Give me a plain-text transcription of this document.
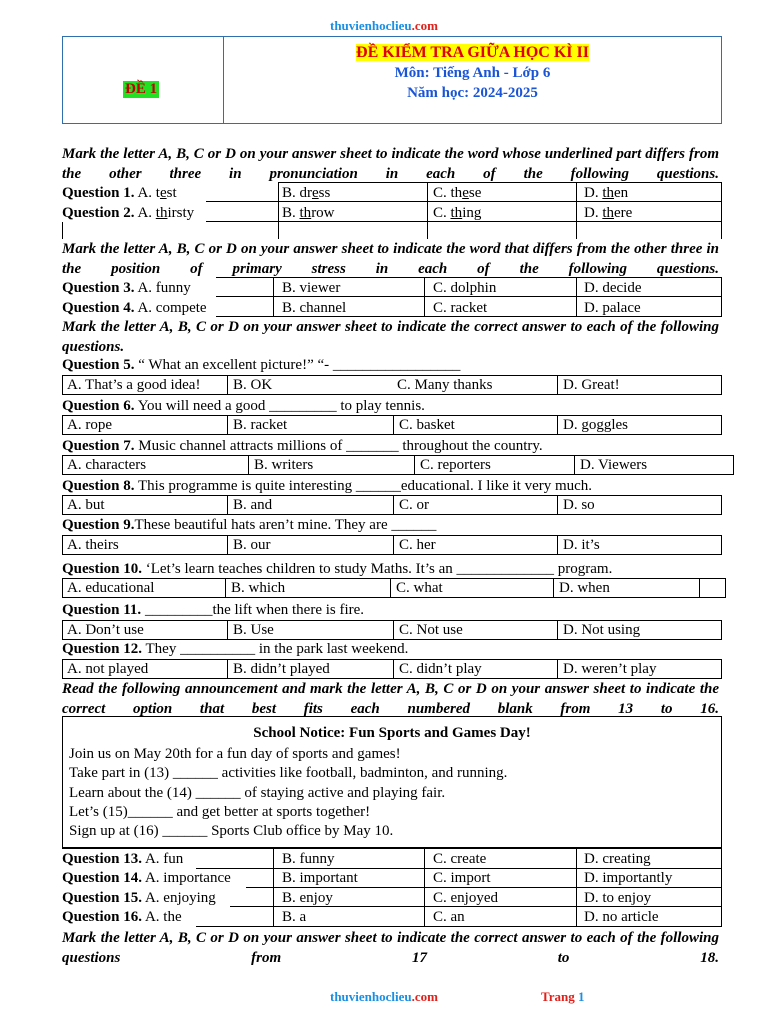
thuvienhoclieu.com
ĐỀ 1
ĐỀ KIỂM TRA GIỮA HỌC KÌ II
Môn: Tiếng Anh - Lớp 6
Năm học: 2024-2025
Mark the letter A, B, C or D on your answer sheet to indicate the word whose underlined part differs from the other three in pronunciation in each of the following questions.
Question 1. A. test	B. dress	C. these	D. then
Question 2. A. thirsty	B. throw	C. thing	D. there
Mark the letter A, B, C or D on your answer sheet to indicate the word that differs from the other three in the position of primary stress in each of the following questions.
Question 3. A. funny	B. viewer	C. dolphin	D. decide
Question 4. A. compete	B. channel	C. racket	D. palace
Mark the letter A, B, C or D on your answer sheet to indicate the correct answer to each of the following questions.
Question 5. “ What an excellent picture!” “- _________________
A. That’s a good idea! B. OK	C. Many thanks	D. Great!
Question 6. You will need a good _________ to play tennis.
A. rope	B. racket	C. basket	D. goggles
Question 7. Music channel attracts millions of _______ throughout the country.
A. characters	B. writers	C. reporters	D. Viewers
Question 8. This programme is quite interesting ______educational. I like it very much.
A. but	B. and	C. or	D. so
Question 9.These beautiful hats aren’t mine. They are ______
A. theirs	B. our	C. her	D. it’s
Question 10. ‘Let’s learn teaches children to study Maths. It’s an _____________ program.
A. educational	B. which	C. what	D. when
Question 11. _________the lift when there is fire.
A. Don’t use	B. Use	C. Not use	D. Not using
Question 12. They __________ in the park last weekend.
A. not played	B. didn’t played	C. didn’t play	D. weren’t play
Read the following announcement and mark the letter A, B, C or D on your answer sheet to indicate the correct option that best fits each numbered blank from 13 to 16.
School Notice: Fun Sports and Games Day!
Join us on May 20th for a fun day of sports and games!
Take part in (13) ______ activities like football, badminton, and running.
Learn about the (14) ______ of staying active and playing fair.
Let’s (15)______ and get better at sports together!
Sign up at (16) ______ Sports Club office by May 10.
Question 13. A. fun	B. funny	C. create	D. creating
Question 14. A. importance	B. important	C. import	D. importantly
Question 15. A. enjoying	B. enjoy	C. enjoyed	D. to enjoy
Question 16. A. the	B. a	C. an	D. no article
Mark the letter A, B, C or D on your answer sheet to indicate the correct answer to each of the following questions from 17 to 18.
thuvienhoclieu.com	Trang 1
